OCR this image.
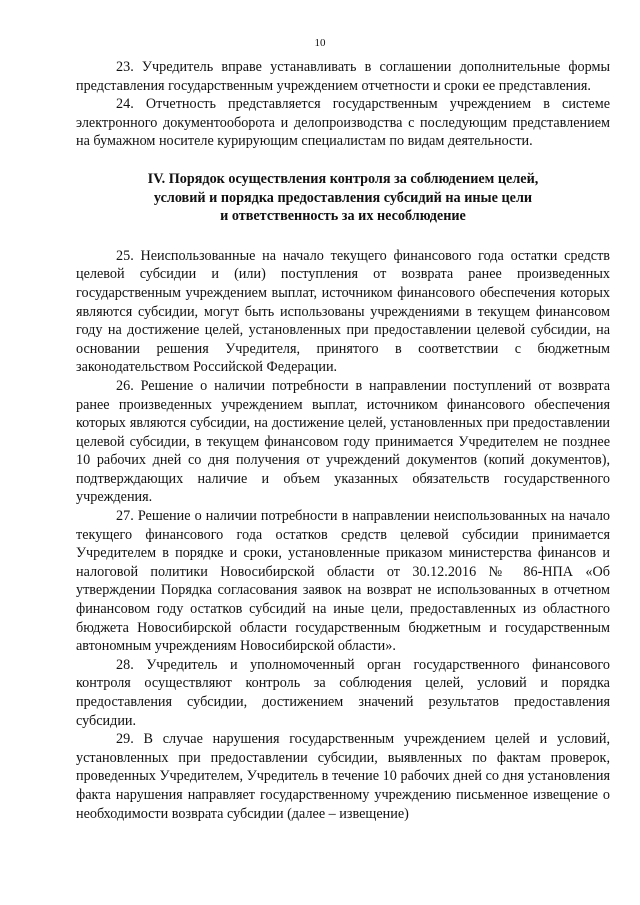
10

23. Учредитель вправе устанавливать в соглашении дополнительные формы представления государственным учреждением отчетности и сроки ее представления.

24. Отчетность представляется государственным учреждением в системе электронного документооборота и делопроизводства с последующим представлением на бумажном носителе курирующим специалистам по видам деятельности.

IV. Порядок осуществления контроля за соблюдением целей,
условий и порядка предоставления субсидий на иные цели
и ответственность за их несоблюдение

25. Неиспользованные на начало текущего финансового года остатки средств целевой субсидии и (или) поступления от возврата ранее произведенных государственным учреждением выплат, источником финансового обеспечения которых являются субсидии, могут быть использованы учреждениями в текущем финансовом году на достижение целей, установленных при предоставлении целевой субсидии, на основании решения Учредителя, принятого в соответствии с бюджетным законодательством Российской Федерации.

26. Решение о наличии потребности в направлении поступлений от возврата ранее произведенных учреждением выплат, источником финансового обеспечения которых являются субсидии, на достижение целей, установленных при предоставлении целевой субсидии, в текущем финансовом году принимается Учредителем не позднее 10 рабочих дней со дня получения от учреждений документов (копий документов), подтверждающих наличие и объем указанных обязательств государственного учреждения.

27. Решение о наличии потребности в направлении неиспользованных на начало текущего финансового года остатков средств целевой субсидии принимается Учредителем в порядке и сроки, установленные приказом министерства финансов и налоговой политики Новосибирской области от 30.12.2016 № 86-НПА «Об утверждении Порядка согласования заявок на возврат не использованных в отчетном финансовом году остатков субсидий на иные цели, предоставленных из областного бюджета Новосибирской области государственным бюджетным и государственным автономным учреждениям Новосибирской области».

28. Учредитель и уполномоченный орган государственного финансового контроля осуществляют контроль за соблюдения целей, условий и порядка предоставления субсидии, достижением значений результатов предоставления субсидии.

29. В случае нарушения государственным учреждением целей и условий, установленных при предоставлении субсидии, выявленных по фактам проверок, проведенных Учредителем, Учредитель в течение 10 рабочих дней со дня установления факта нарушения направляет государственному учреждению письменное извещение о необходимости возврата субсидии (далее – извещение)
